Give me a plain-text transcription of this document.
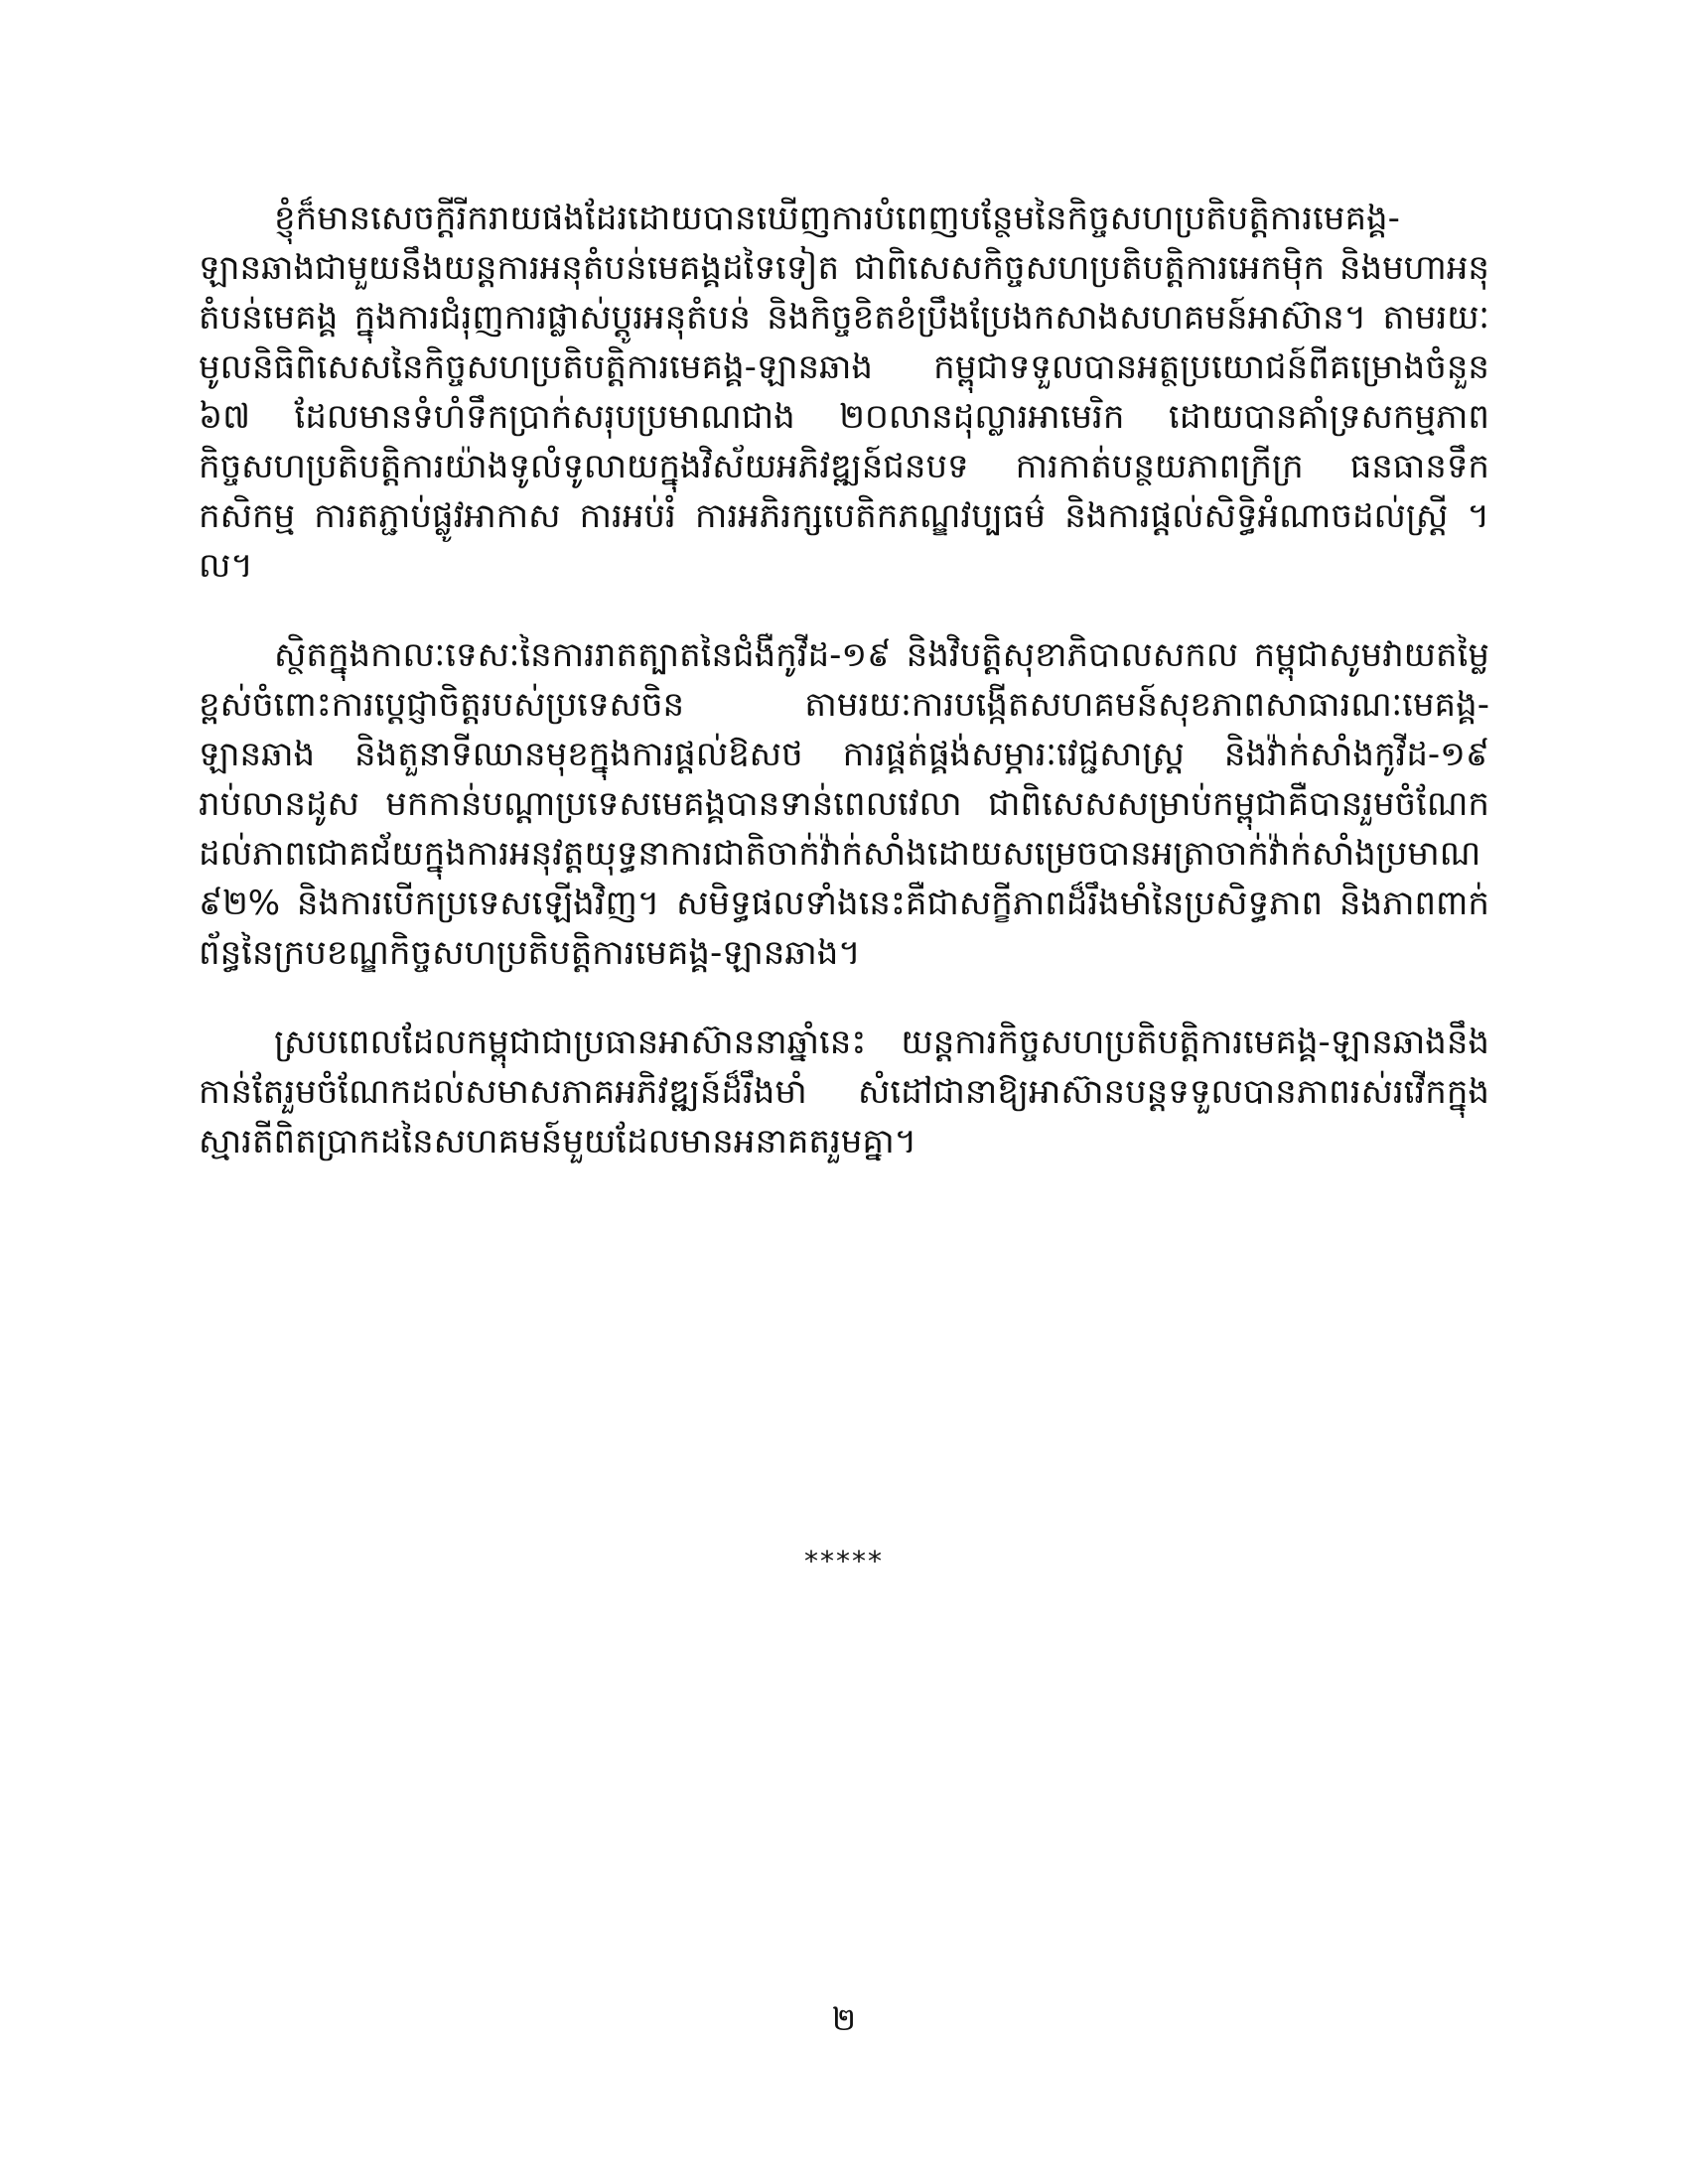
ខ្ញុំក៏មានសេចក្តីរីករាយផងដែរដោយបានឃើញការបំពេញបន្ថែមនៃកិច្ចសហប្រតិបត្តិការមេគង្គ-ឡានឆាងជាមួយនឹងយន្តការអនុតំបន់មេគង្គដទៃទៀត ជាពិសេសកិច្ចសហប្រតិបត្តិការអេកម៉ិក និងមហាអនុតំបន់មេគង្គ ក្នុងការជំរុញការផ្លាស់ប្តូរអនុតំបន់ និងកិច្ចខិតខំប្រឹងប្រែងកសាងសហគមន៍អាស៊ាន។ តាមរយៈមូលនិធិពិសេសនៃកិច្ចសហប្រតិបត្តិការមេគង្គ-ឡានឆាង កម្ពុជាទទួលបានអត្ថប្រយោជន៍ពីគម្រោងចំនួន ៦៧ ដែលមានទំហំទឹកប្រាក់សរុបប្រមាណជាង ២០លានដុល្លារអាមេរិក ដោយបានគាំទ្រសកម្មភាពកិច្ចសហប្រតិបត្តិការយ៉ាងទូលំទូលាយក្នុងវិស័យអភិវឌ្ឍន៍ជនបទ ការកាត់បន្ថយភាពក្រីក្រ ធនធានទឹក កសិកម្ម ការតភ្ជាប់ផ្លូវអាកាស ការអប់រំ ការអភិរក្សបេតិកភណ្ឌវប្បធម៌ និងការផ្តល់សិទ្ធិអំណាចដល់ស្ត្រី ។ល។

ស្ថិតក្នុងកាលៈទេសៈនៃការរាតត្បាតនៃជំងឺកូវីដ-១៩ និងវិបត្តិសុខាភិបាលសកល កម្ពុជាសូមវាយតម្លៃខ្ពស់ចំពោះការប្តេជ្ញាចិត្តរបស់ប្រទេសចិន តាមរយៈការបង្កើតសហគមន៍សុខភាពសាធារណៈមេគង្គ-ឡានឆាង និងតួនាទីឈានមុខក្នុងការផ្តល់ឱសថ ការផ្គត់ផ្គង់សម្ភារៈវេជ្ជសាស្ត្រ និងវ៉ាក់សាំងកូវីដ-១៩ រាប់លានដូស មកកាន់បណ្តាប្រទេសមេគង្គបានទាន់ពេលវេលា ជាពិសេសសម្រាប់កម្ពុជាគឺបានរួមចំណែកដល់ភាពជោគជ័យក្នុងការអនុវត្តយុទ្ធនាការជាតិចាក់វ៉ាក់សាំងដោយសម្រេចបានអត្រាចាក់វ៉ាក់សាំងប្រមាណ ៩២% និងការបើកប្រទេសឡើងវិញ។ សមិទ្ធផលទាំងនេះគឺជាសក្ខីភាពដ៏រឹងមាំនៃប្រសិទ្ធភាព និងភាពពាក់ព័ន្ធនៃក្របខណ្ឌកិច្ចសហប្រតិបត្តិការមេគង្គ-ឡានឆាង។

ស្របពេលដែលកម្ពុជាជាប្រធានអាស៊ាននាឆ្នាំនេះ យន្តការកិច្ចសហប្រតិបត្តិការមេគង្គ-ឡានឆាងនឹងកាន់តែរួមចំណែកដល់សមាសភាគអភិវឌ្ឍន៍ដ៏រឹងមាំ សំដៅជានាឱ្យអាស៊ានបន្តទទួលបានភាពរស់រវើកក្នុងស្មារតីពិតប្រាកដនៃសហគមន៍មួយដែលមានអនាគតរួមគ្នា។

*****
២
